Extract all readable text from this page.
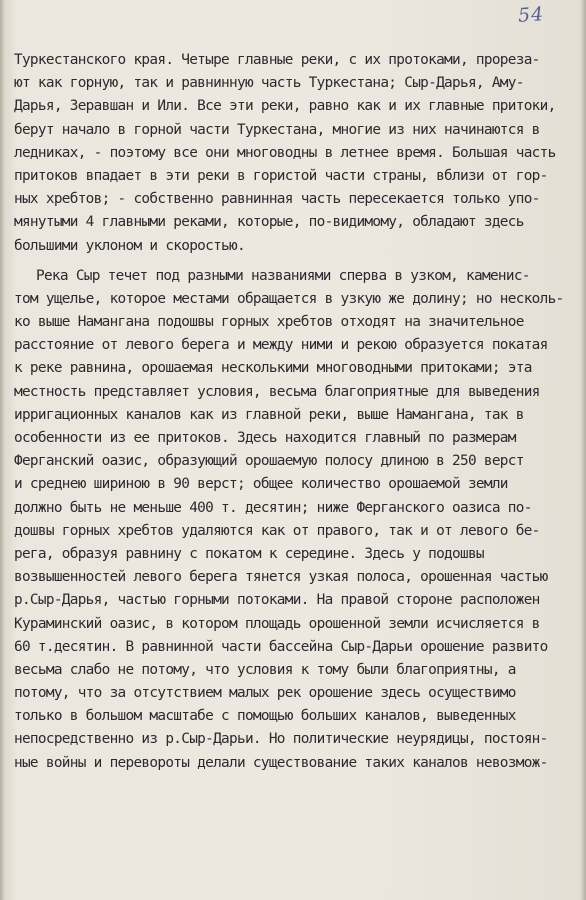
54
Туркестанского края. Четыре главные реки, с их протоками, прореза-
ют как горную, так и равнинную часть Туркестана; Сыр-Дарья, Аму-
Дарья, Зеравшан и Или. Все эти реки, равно как и их главные притоки,
берут начало в горной части Туркестана, многие из них начинаются в
ледниках, - поэтому все они многоводны в летнее время. Большая часть
притоков впадает в эти реки в гористой части страны, вблизи от гор-
ных хребтов; - собственно равнинная часть пересекается только упо-
мянутыми 4 главными реками, которые, по-видимому, обладают здесь
большими уклоном и скоростью.
Река Сыр течет под разными названиями сперва в узком, каменис-
том ущелье, которое местами обращается в узкую же долину; но несколь-
ко выше Наманганa подошвы горных хребтов отходят на значительное
расстояние от левого берега и между ними и рекою образуется покатая
к реке равнина, орошаемая несколькими многоводными притоками; эта
местность представляет условия, весьма благоприятные для выведения
ирригационных каналов как из главной реки, выше Намангана, так в
особенности из ее притоков. Здесь находится главный по размерам
Ферганский оазис, образующий орошаемую полосу длиною в 250 верст
и среднею шириною в 90 верст; общее количество орошаемой земли
должно быть не меньше 400 т. десятин; ниже Ферганского оазиса по-
дошвы горных хребтов удаляются как от правого, так и от левого бе-
рега, образуя равнину с покатом к середине. Здесь у подошвы
возвышенностей левого берега тянется узкая полоса, орошенная частью
р.Сыр-Дарья, частью горными потоками. На правой стороне расположен
Кураминский оазис, в котором площадь орошенной земли исчисляется в
60 т.десятин. В равнинной части бассейна Сыр-Дарьи орошение развито
весьма слабо не потому, что условия к тому были благоприятны, а
потому, что за отсутствием малых рек орошение здесь осуществимо
только в большом масштабе с помощью больших каналов, выведенных
непосредственно из р.Сыр-Дарьи. Но политические неурядицы, постоян-
ные войны и перевороты делали существование таких каналов невозмож-
